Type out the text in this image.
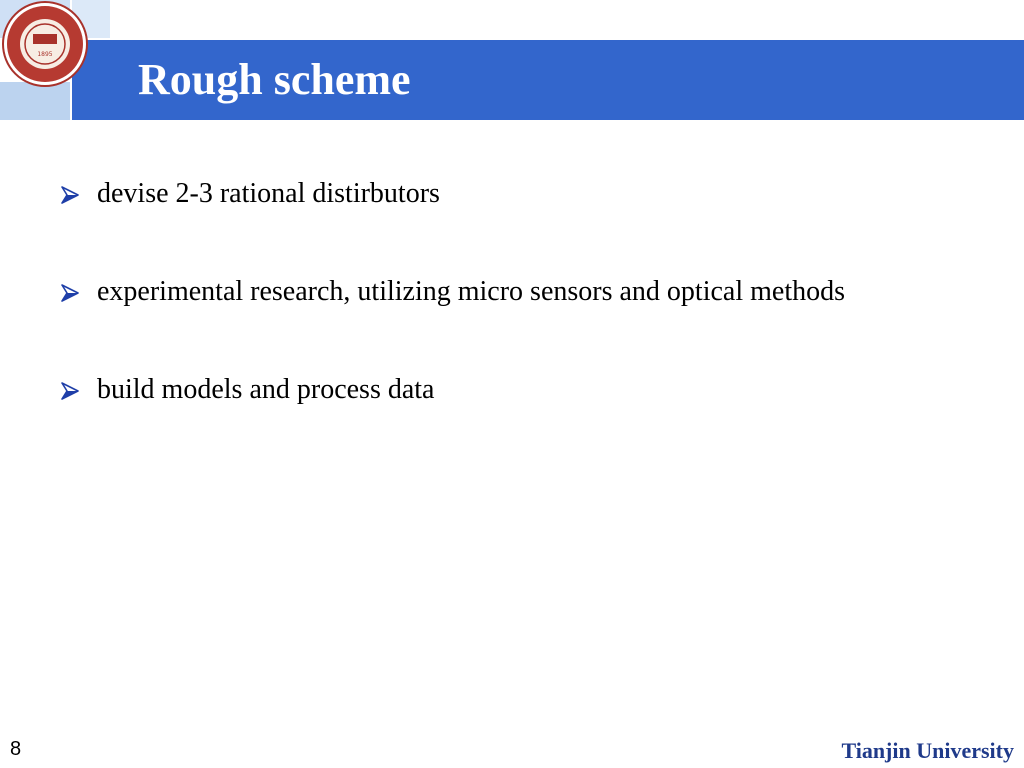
1895
Rough scheme
devise 2-3 rational distirbutors
experimental research, utilizing micro sensors and optical methods
build models and process data
8	Tianjin University
